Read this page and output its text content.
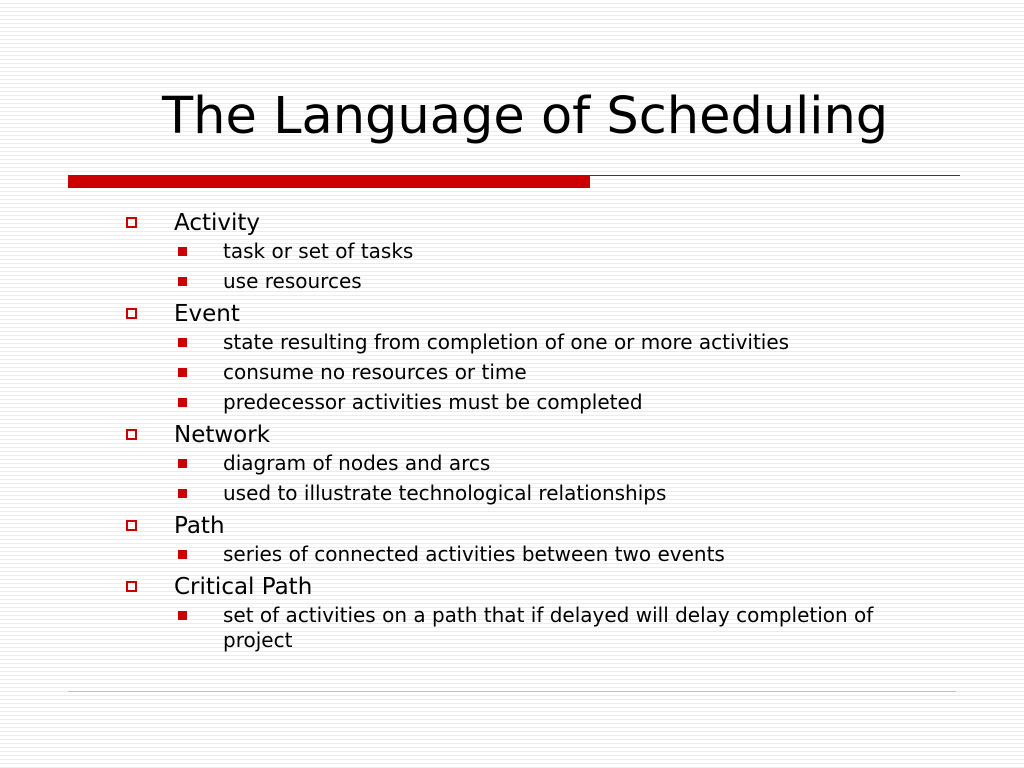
The Language of Scheduling
Activity
task or set of tasks
use resources
Event
state resulting from completion of one or more activities
consume no resources or time
predecessor activities must be completed
Network
diagram of nodes and arcs
used to illustrate technological relationships
Path
series of connected activities between two events
Critical Path
set of activities on a path that if delayed will delay completion of project
